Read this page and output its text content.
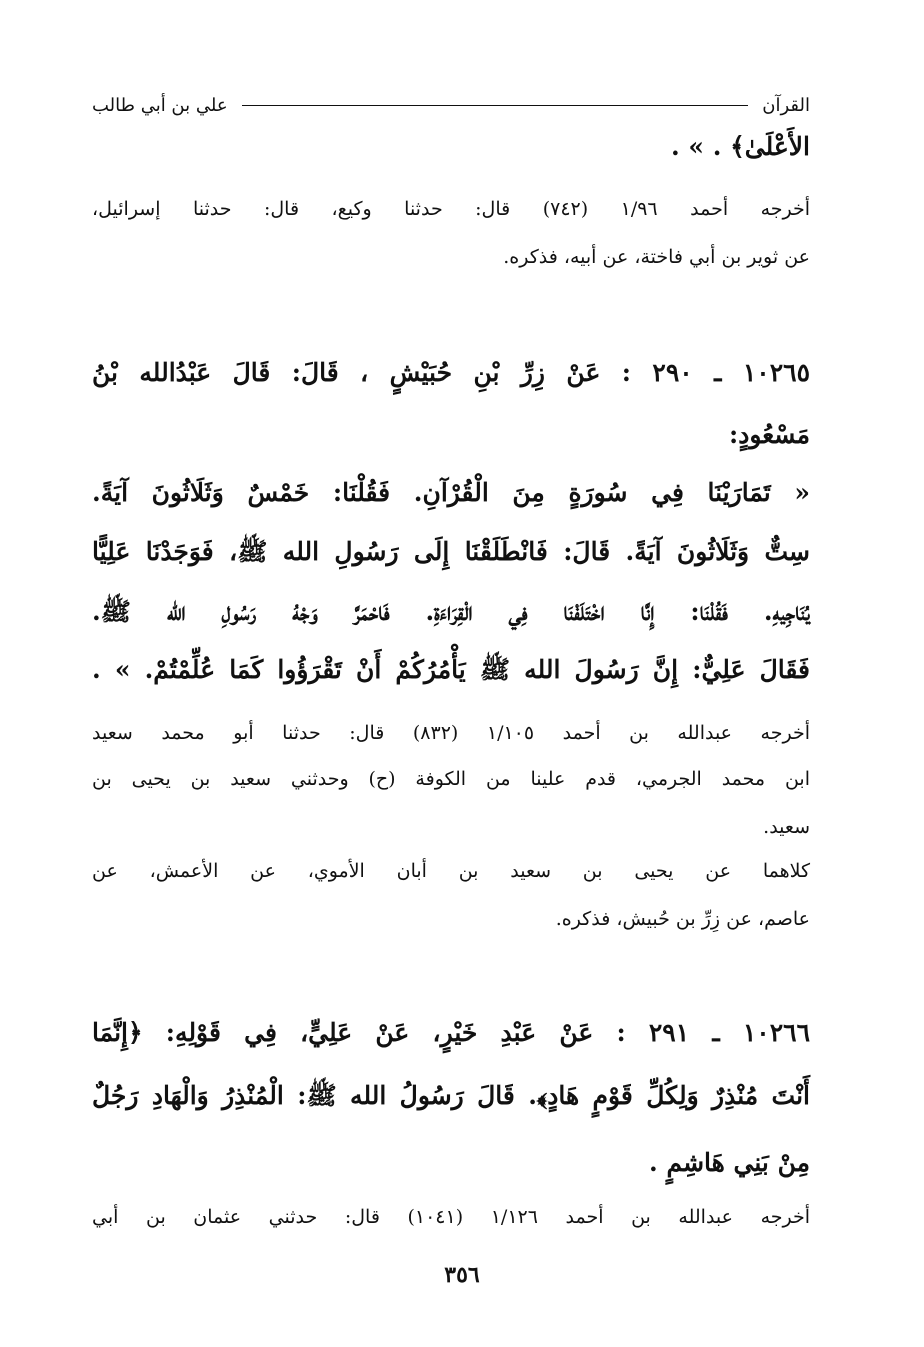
القرآن
علي بن أبي طالب
الأَعْلَىٰ﴾ . » .
أخرجه أحمد ١/٩٦ (٧٤٢) قال: حدثنا وكيع، قال: حدثنا إسرائيل،
عن ثوير بن أبي فاختة، عن أبيه، فذكره.
١٠٢٦٥ ـ ٢٩٠ : عَنْ زِرِّ بْنِ حُبَيْشٍ ، قَالَ: قَالَ عَبْدُالله بْنُ
مَسْعُودٍ:
« تَمَارَيْنَا فِي سُورَةٍ مِنَ الْقُرْآنِ. فَقُلْنَا: خَمْسٌ وَثَلَاثُونَ آيَةً.
سِتٌّ وَثَلَاثُونَ آيَةً. قَالَ: فَانْطَلَقْنَا إِلَى رَسُولِ الله ﷺ، فَوَجَدْنَا عَلِيًّا
يُنَاجِيهِ. فَقُلْنَا: إِنَّا اخْتَلَفْنَا فِي الْقِرَاءَةِ. فَاحْمَرَّ وَجْهُ رَسُولِ الله ﷺ.
فَقَالَ عَلِيٌّ: إِنَّ رَسُولَ الله ﷺ يَأْمُرُكُمْ أَنْ تَقْرَؤُوا كَمَا عُلِّمْتُمْ. » .
أخرجه عبدالله بن أحمد ١/١٠٥ (٨٣٢) قال: حدثنا أبو محمد سعيد
ابن محمد الجرمي، قدم علينا من الكوفة (ح) وحدثني سعيد بن يحيى بن
سعيد.
كلاهما عن يحيى بن سعيد بن أبان الأموي، عن الأعمش، عن
عاصم، عن زِرِّ بن حُبيش، فذكره.
١٠٢٦٦ ـ ٢٩١ : عَنْ عَبْدِ خَيْرٍ، عَنْ عَلِيٍّ، فِي قَوْلِهِ: ﴿إِنَّمَا
أَنْتَ مُنْذِرٌ وَلِكُلِّ قَوْمٍ هَادٍ﴾. قَالَ رَسُولُ الله ﷺ: الْمُنْذِرُ وَالْهَادِ رَجُلٌ
مِنْ بَنِي هَاشِمٍ .
أخرجه عبدالله بن أحمد ١/١٢٦ (١٠٤١) قال: حدثني عثمان بن أبي
٣٥٦
